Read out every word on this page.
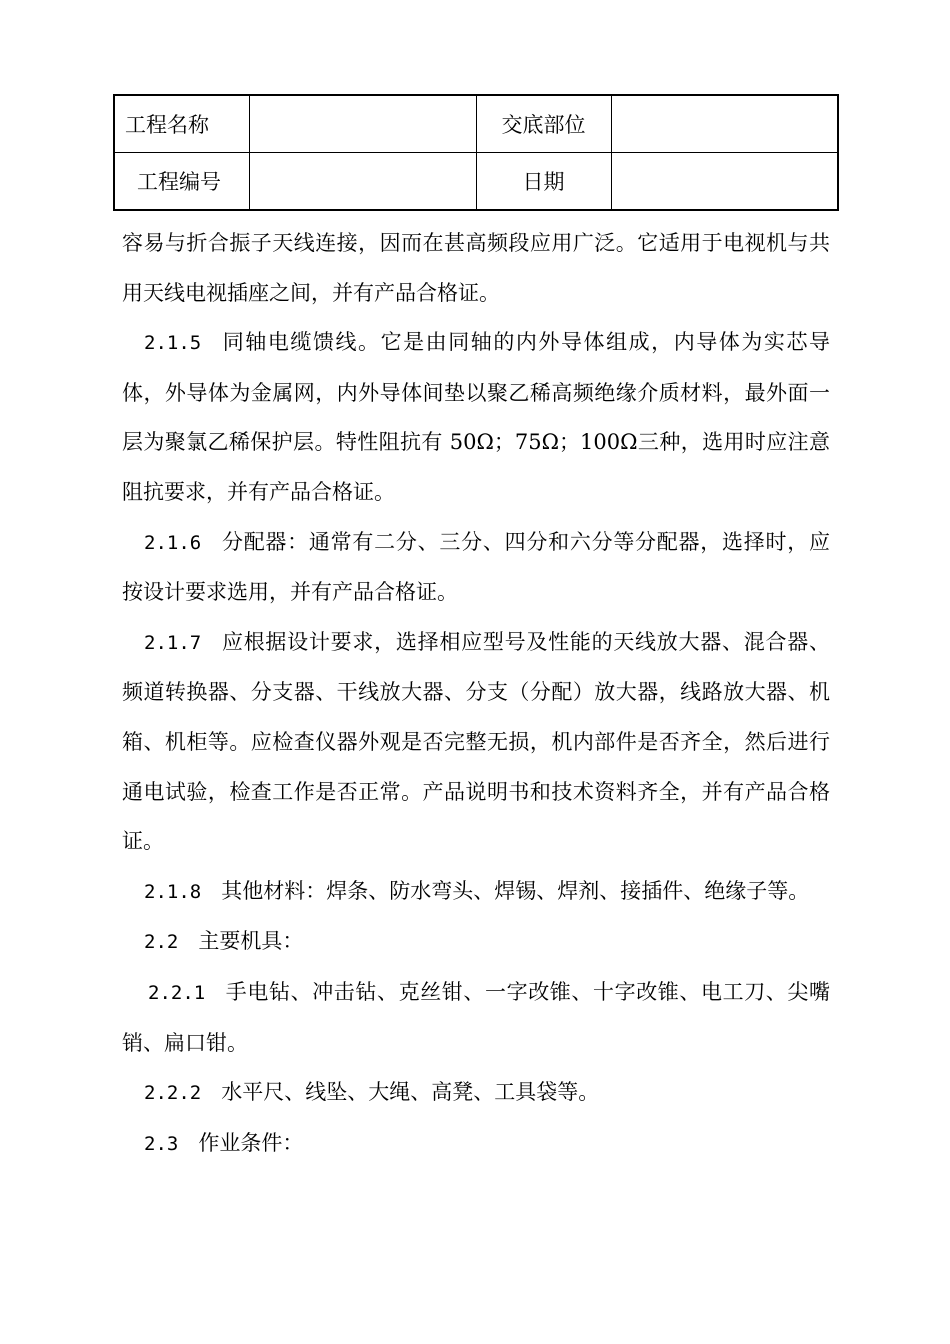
工程名称		交底部位	
工程编号		日期	

容易与折合振子天线连接，因而在甚高频段应用广泛。它适用于电视机与共用天线电视插座之间，并有产品合格证。

2.1.5 同轴电缆馈线。它是由同轴的内外导体组成，内导体为实芯导体，外导体为金属网，内外导体间垫以聚乙稀高频绝缘介质材料，最外面一层为聚氯乙稀保护层。特性阻抗有 50Ω；75Ω；100Ω三种，选用时应注意阻抗要求，并有产品合格证。

2.1.6 分配器：通常有二分、三分、四分和六分等分配器，选择时，应按设计要求选用，并有产品合格证。

2.1.7 应根据设计要求，选择相应型号及性能的天线放大器、混合器、频道转换器、分支器、干线放大器、分支（分配）放大器，线路放大器、机箱、机柜等。应检查仪器外观是否完整无损，机内部件是否齐全，然后进行通电试验，检查工作是否正常。产品说明书和技术资料齐全，并有产品合格证。

2.1.8 其他材料：焊条、防水弯头、焊锡、焊剂、接插件、绝缘子等。

2.2 主要机具：

2.2.1 手电钻、冲击钻、克丝钳、一字改锥、十字改锥、电工刀、尖嘴销、扁口钳。

2.2.2 水平尺、线坠、大绳、高凳、工具袋等。

2.3 作业条件：
